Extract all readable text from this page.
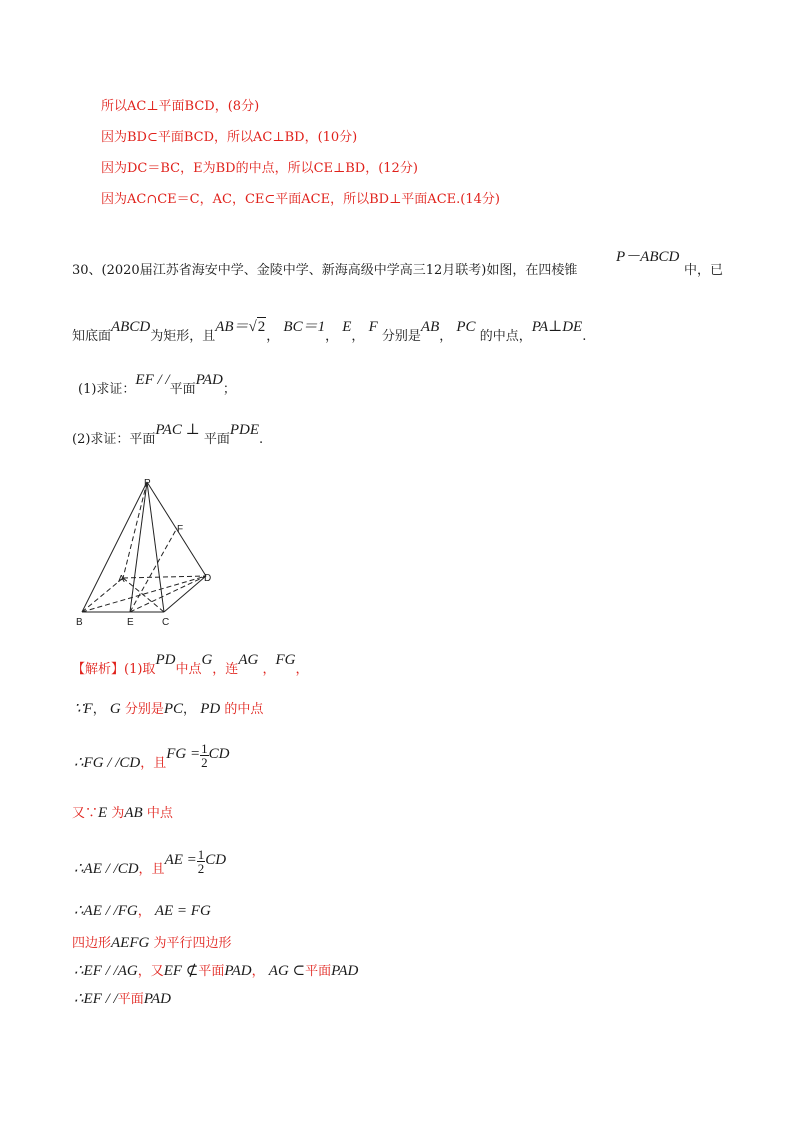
所以AC⊥平面BCD，(8分)
因为BD⊂平面BCD，所以AC⊥BD，(10分)
因为DC＝BC，E为BD的中点，所以CE⊥BD，(12分)
因为AC∩CE＝C，AC，CE⊂平面ACE，所以BD⊥平面ACE.(14分)
30、(2020届江苏省海安中学、金陵中学、新海高级中学高三12月联考)如图，在四棱锥
P－ABCD
中，已
知底面ABCD为矩形，且AB＝√2， BC＝1， E， F 分别是AB， PC 的中点，PA⊥DE.
(1)求证：EF / /平面PAD；
(2)求证：平面PAC ⊥ 平面PDE.
P
F
A	D
B	E	C
【解析】(1)取PD中点G，连AG ，FG，
∵F， G 分别是PC， PD 的中点
∴FG / /CD，且FG = $\frac{1}{2}$ CD
又∵E 为AB 中点
∴AE / /CD，且AE = $\frac{1}{2}$ CD
∴AE / /FG， AE = FG
四边形AEFG 为平行四边形
∴EF / /AG，又EF ⊄平面PAD， AG ⊂平面PAD
∴EF / /平面PAD
